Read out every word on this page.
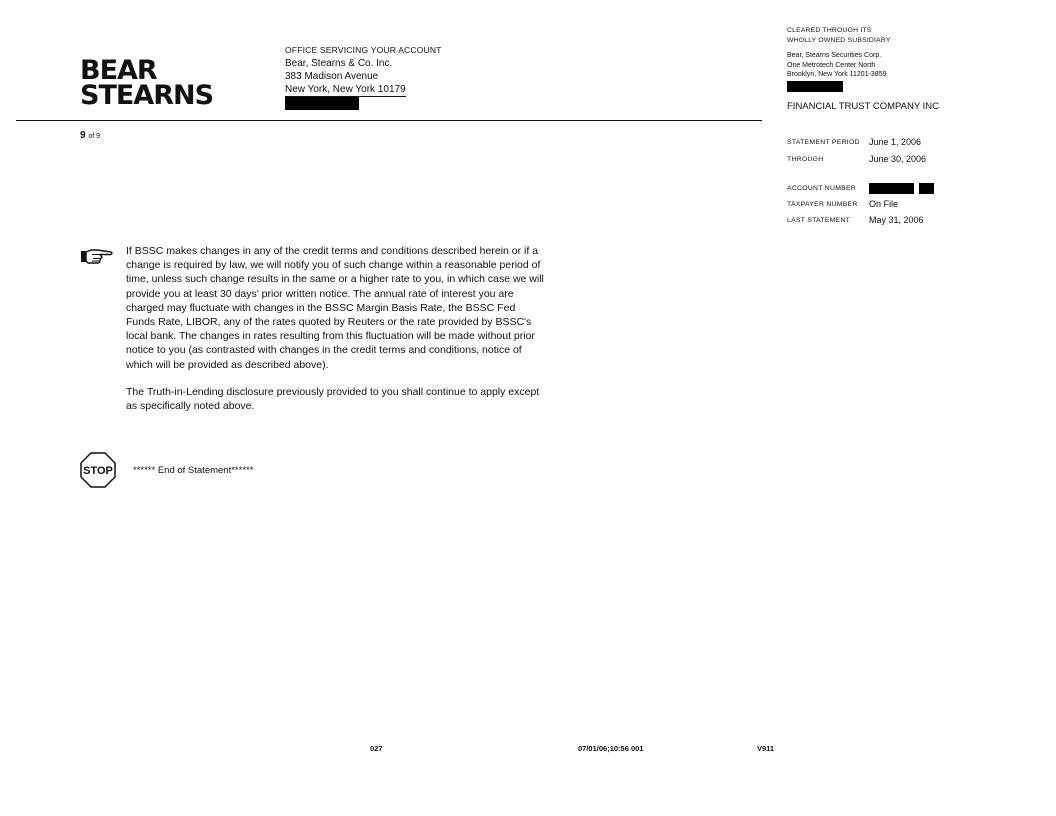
BEAR
STEARNS
OFFICE SERVICING YOUR ACCOUNT
Bear, Stearns & Co. Inc.
383 Madison Avenue
New York, New York 10179
9 of 9
CLEARED THROUGH ITS
WHOLLY OWNED SUBSIDIARY
Bear, Stearns Securities Corp.
One Metrotech Center North
Brooklyn, New York 11201-3859
FINANCIAL TRUST COMPANY INC
STATEMENT PERIOD June 1, 2006
THROUGH	June 30, 2006
ACCOUNT NUMBER

TAXPAYER NUMBER On File
LAST STATEMENT May 31, 2006

If BSSC makes changes in any of the credit terms and conditions described herein or if a change is required by law, we will notify you of such change within a reasonable period of time, unless such change results in the same or a higher rate to you, in which case we will provide you at least 30 days' prior written notice. The annual rate of interest you are charged may fluctuate with changes in the BSSC Margin Basis Rate, the BSSC Fed Funds Rate, LIBOR, any of the rates quoted by Reuters or the rate provided by BSSC's local bank. The changes in rates resulting from this fluctuation will be made without prior notice to you (as contrasted with changes in the credit terms and conditions, notice of which will be provided as described above).

The Truth-in-Lending disclosure previously provided to you shall continue to apply except as specifically noted above.

STOP ****** End of Statement******
027	07/01/06;10:56 001	V911
